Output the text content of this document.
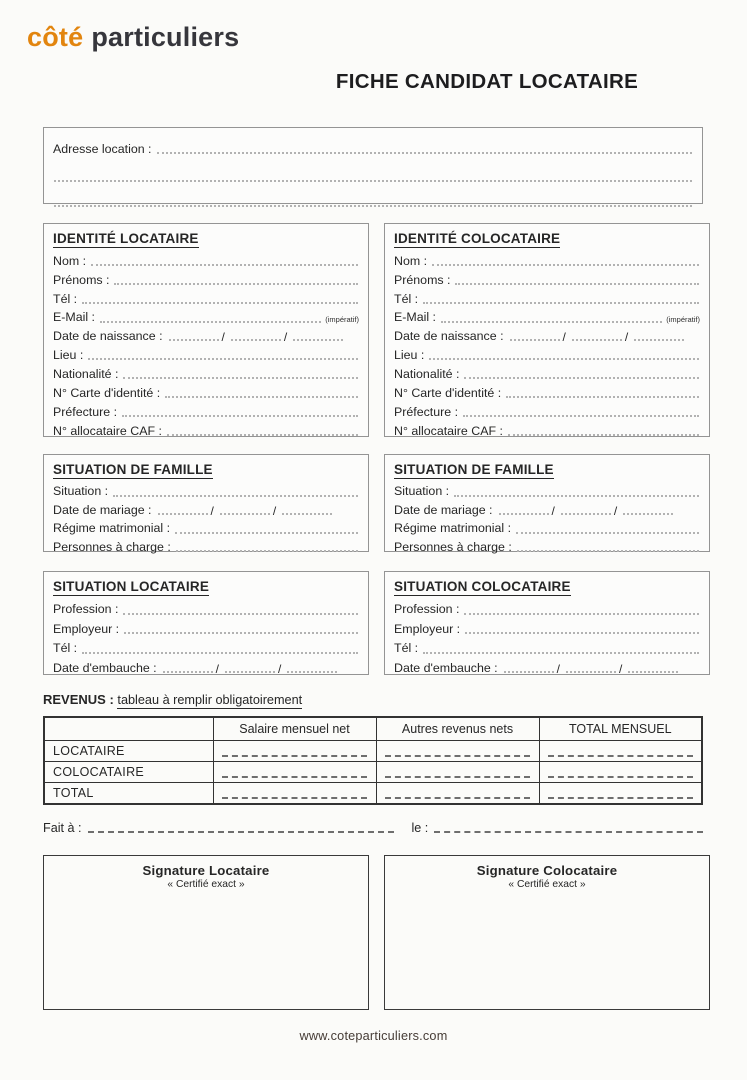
côté particuliers
FICHE CANDIDAT LOCATAIRE
Adresse location :
IDENTITÉ LOCATAIRE
Nom :
Prénoms :
Tél :
E-Mail :	(impératif)
Date de naissance :	/	/
Lieu :
Nationalité :
N° Carte d'identité :
Préfecture :
N° allocataire CAF :
IDENTITÉ COLOCATAIRE
Nom :
Prénoms :
Tél :
E-Mail :	(impératif)
Date de naissance :	/	/
Lieu :
Nationalité :
N° Carte d'identité :
Préfecture :
N° allocataire CAF :
SITUATION DE FAMILLE
Situation :
Date de mariage :	/	/
Régime matrimonial :
Personnes à charge :
SITUATION DE FAMILLE
Situation :
Date de mariage :	/	/
Régime matrimonial :
Personnes à charge :
SITUATION LOCATAIRE
Profession :
Employeur :
Tél :
Date d'embauche :	/	/
SITUATION COLOCATAIRE
Profession :
Employeur :
Tél :
Date d'embauche :	/	/
REVENUS : tableau à remplir obligatoirement
	Salaire mensuel net	Autres revenus nets	TOTAL MENSUEL
LOCATAIRE	

COLOCATAIRE	

TOTAL	

Fait à :	le :
Signature Locataire
« Certifié exact »
Signature Colocataire
« Certifié exact »
www.coteparticuliers.com
